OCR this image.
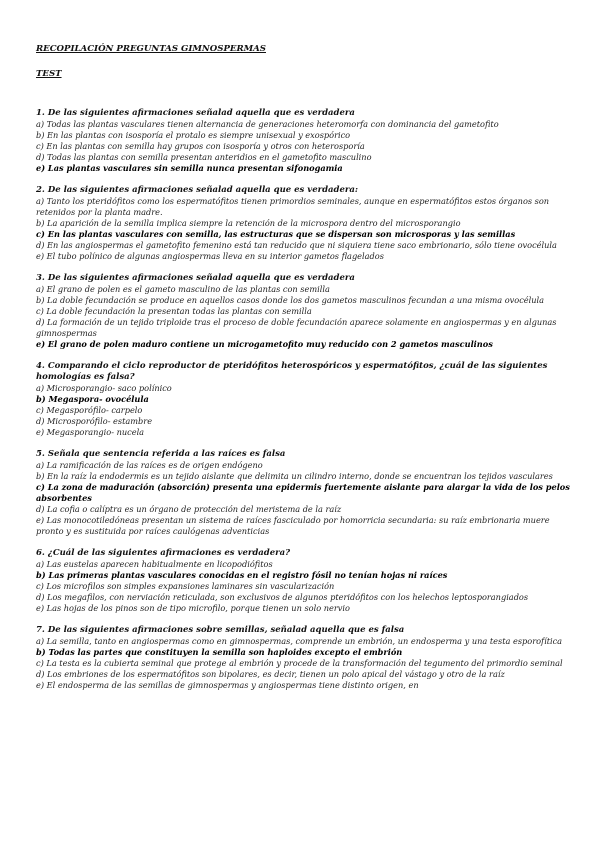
RECOPILACIÓN PREGUNTAS GIMNOSPERMAS
TEST

1. De las siguientes afirmaciones señalad aquella que es verdadera

a) Todas las plantas vasculares tienen alternancia de generaciones heteromorfa con dominancia del gametofito

b) En las plantas con isosporía el protalo es siempre unisexual y exospórico

c) En las plantas con semilla hay grupos con isosporía y otros con heterosporía

d) Todas las plantas con semilla presentan anteridios en el gametofito masculino

e) Las plantas vasculares sin semilla nunca presentan sifonogamia

2. De las siguientes afirmaciones señalad aquella que es verdadera:

a) Tanto los pteridófitos como los espermatófitos tienen primordios seminales, aunque en espermatófitos estos órganos son retenidos por la planta madre.

b) La aparición de la semilla implica siempre la retención de la microspora dentro del microsporangio

c) En las plantas vasculares con semilla, las estructuras que se dispersan son microsporas y las semillas

d) En las angiospermas el gametofito femenino está tan reducido que ni siquiera tiene saco embrionario, sólo tiene ovocélula

e) El tubo polínico de algunas angiospermas lleva en su interior gametos flagelados

3. De las siguientes afirmaciones señalad aquella que es verdadera

a) El grano de polen es el gameto masculino de las plantas con semilla

b) La doble fecundación se produce en aquellos casos donde los dos gametos masculinos fecundan a una misma ovocélula

c) La doble fecundación la presentan todas las plantas con semilla

d) La formación de un tejido triploide tras el proceso de doble fecundación aparece solamente en angiospermas y en algunas gimnospermas

e) El grano de polen maduro contiene un microgametofito muy reducido con 2 gametos masculinos

4. Comparando el ciclo reproductor de pteridófitos heterospóricos y espermatófitos, ¿cuál de las siguientes homologías es falsa?

a) Microsporangio- saco polínico

b) Megaspora- ovocélula

c) Megasporófilo- carpelo

d) Microsporófilo- estambre

e) Megasporangio- nucela

5. Señala que sentencia referida a las raíces es falsa

a) La ramificación de las raíces es de origen endógeno

b) En la raíz la endodermis es un tejido aislante que delimita un cilindro interno, donde se encuentran los tejidos vasculares

c) La zona de maduración (absorción) presenta una epidermis fuertemente aislante para alargar la vida de los pelos absorbentes

d) La cofia o calíptra es un órgano de protección del meristema de la raíz

e) Las monocotiledóneas presentan un sistema de raíces fasciculado por homorricia secundaria: su raíz embrionaria muere pronto y es sustituida por raíces caulógenas adventicias

6. ¿Cuál de las siguientes afirmaciones es verdadera?

a) Las eustelas aparecen habitualmente en licopodiófitos

b) Las primeras plantas vasculares conocidas en el registro fósil no tenían hojas ni raíces

c) Los microfilos son simples expansiones laminares sin vascularización

d) Los megafilos, con nerviación reticulada, son exclusivos de algunos pteridófitos con los helechos leptosporangiados

e) Las hojas de los pinos son de tipo microfilo, porque tienen un solo nervio

7. De las siguientes afirmaciones sobre semillas, señalad aquella que es falsa

a) La semilla, tanto en angiospermas como en gimnospermas, comprende un embrión, un endosperma y una testa esporofítica

b) Todas las partes que constituyen la semilla son haploides excepto el embrión

c) La testa es la cubierta seminal que protege al embrión y procede de la transformación del tegumento del primordio seminal

d) Los embriones de los espermatófitos son bipolares, es decir, tienen un polo apical del vástago y otro de la raíz

e) El endosperma de las semillas de gimnospermas y angiospermas tiene distinto origen, en
